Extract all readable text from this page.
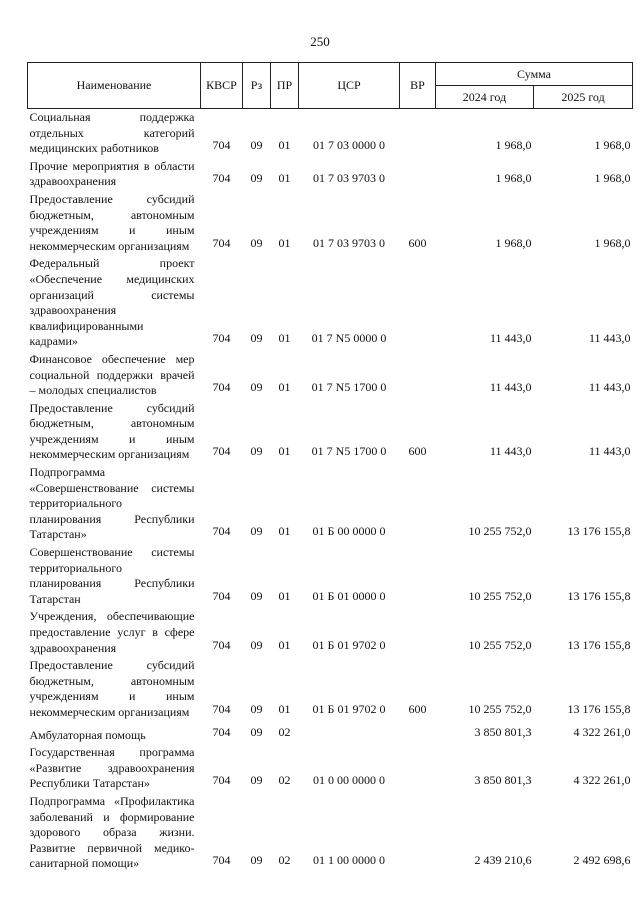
250
Наименование	КВСР	Рз	ПР	ЦСР	ВР	Сумма	
						2024 год	2025 год
Социальная поддержка отдельных категорий медицинских работников	704	09	01	01 7 03 0000 0		1 968,0	1 968,0
Прочие мероприятия в области здравоохранения	704	09	01	01 7 03 9703 0		1 968,0	1 968,0
Предоставление субсидий бюджетным, автономным учреждениям и иным некоммерческим организациям	704	09	01	01 7 03 9703 0	600	1 968,0	1 968,0
Федеральный проект «Обеспечение медицинских организаций системы здравоохранения квалифицированными кадрами»	704	09	01	01 7 N5 0000 0		11 443,0	11 443,0
Финансовое обеспечение мер социальной поддержки врачей – молодых специалистов	704	09	01	01 7 N5 1700 0		11 443,0	11 443,0
Предоставление субсидий бюджетным, автономным учреждениям и иным некоммерческим организациям	704	09	01	01 7 N5 1700 0	600	11 443,0	11 443,0
Подпрограмма «Совершенствование системы территориального планирования Республики Татарстан»	704	09	01	01 Б 00 0000 0		10 255 752,0	13 176 155,8
Совершенствование системы территориального планирования Республики Татарстан	704	09	01	01 Б 01 0000 0		10 255 752,0	13 176 155,8
Учреждения, обеспечивающие предоставление услуг в сфере здравоохранения	704	09	01	01 Б 01 9702 0		10 255 752,0	13 176 155,8
Предоставление субсидий бюджетным, автономным учреждениям и иным некоммерческим организациям	704	09	01	01 Б 01 9702 0	600	10 255 752,0	13 176 155,8
Амбулаторная помощь	704	09	02			3 850 801,3	4 322 261,0
Государственная программа «Развитие здравоохранения Республики Татарстан»	704	09	02	01 0 00 0000 0		3 850 801,3	4 322 261,0
Подпрограмма «Профилактика заболеваний и формирование здорового образа жизни. Развитие первичной медико-санитарной помощи»	704	09	02	01 1 00 0000 0		2 439 210,6	2 492 698,6
